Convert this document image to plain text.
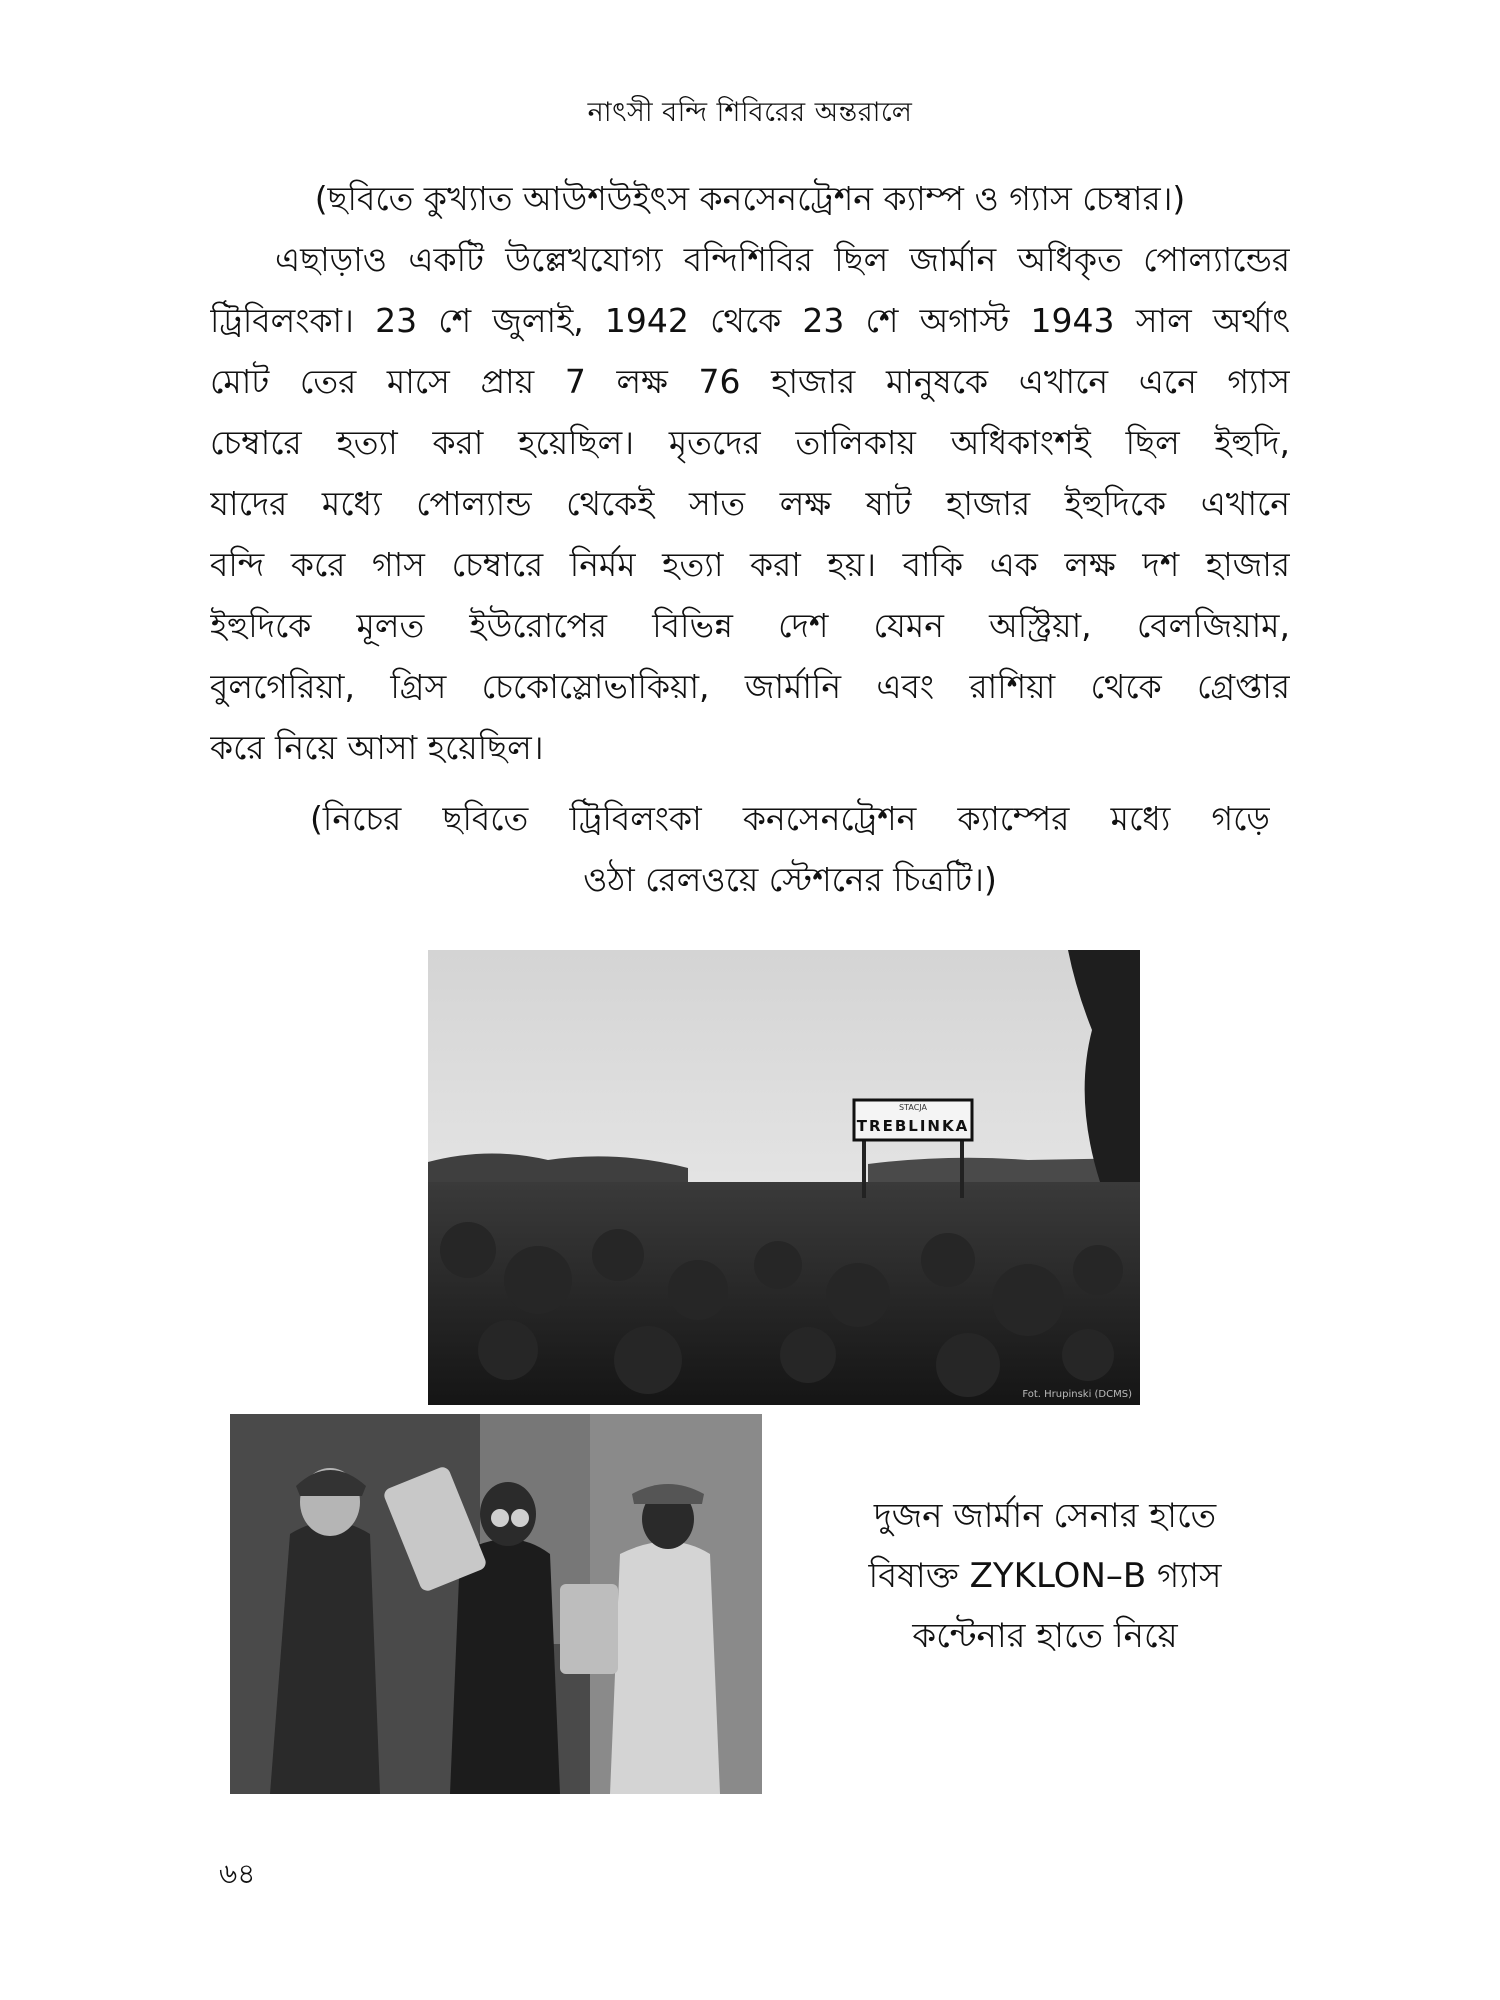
নাৎসী বন্দি শিবিরের অন্তরালে
(ছবিতে কুখ্যাত আউশউইৎস কনসেনট্রেশন ক্যাম্প ও গ্যাস চেম্বার।)
এছাড়াও একটি উল্লেখযোগ্য বন্দিশিবির ছিল জার্মান অধিকৃত পোল্যান্ডের
ট্রিবিলংকা। 23 শে জুলাই, 1942 থেকে 23 শে অগাস্ট 1943 সাল অর্থাৎ
মোট তের মাসে প্রায় 7 লক্ষ 76 হাজার মানুষকে এখানে এনে গ্যাস
চেম্বারে হত্যা করা হয়েছিল। মৃতদের তালিকায় অধিকাংশই ছিল ইহুদি,
যাদের মধ্যে পোল্যান্ড থেকেই সাত লক্ষ ষাট হাজার ইহুদিকে এখানে
বন্দি করে গাস চেম্বারে নির্মম হত্যা করা হয়। বাকি এক লক্ষ দশ হাজার
ইহুদিকে মূলত ইউরোপের বিভিন্ন দেশ যেমন অস্ট্রিয়া, বেলজিয়াম,
বুলগেরিয়া, গ্রিস চেকোস্লোভাকিয়া, জার্মানি এবং রাশিয়া থেকে গ্রেপ্তার
করে নিয়ে আসা হয়েছিল।
(নিচের ছবিতে ট্রিবিলংকা কনসেনট্রেশন ক্যাম্পের মধ্যে গড়ে
ওঠা রেলওয়ে স্টেশনের চিত্রটি।)
STACJA
TREBLINKA
Fot. Hrupinski (DCMS)
দুজন জার্মান সেনার হাতে
বিষাক্ত ZYKLON–B গ্যাস
কন্টেনার হাতে নিয়ে
৬৪
